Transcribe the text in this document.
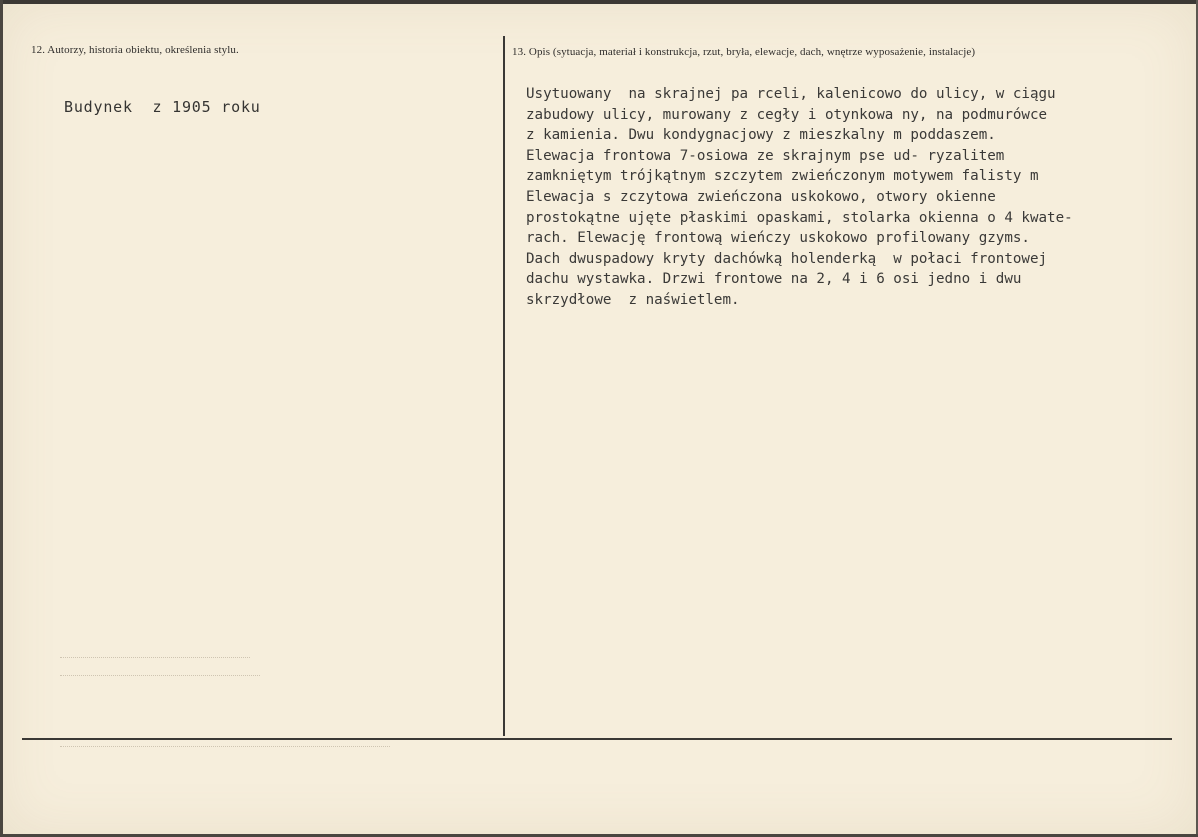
12. Autorzy, historia obiektu, określenia stylu.
Budynek  z 1905 roku
13. Opis (sytuacja, materiał i konstrukcja, rzut, bryła, elewacje, dach, wnętrze wyposażenie, instalacje)
Usytuowany  na skrajnej pa rceli, kalenicowo do ulicy, w ciągu
zabudowy ulicy, murowany z cegły i otynkowa ny, na podmurówce
z kamienia. Dwu kondygnacjowy z mieszkalny m poddaszem.
Elewacja frontowa 7-osiowa ze skrajnym pse ud- ryzalitem
zamkniętym trójkątnym szczytem zwieńczonym motywem falisty m
Elewacja s zczytowa zwieńczona uskokowo, otwory okienne
prostokątne ujęte płaskimi opaskami, stolarka okienna o 4 kwate-
rach. Elewację frontową wieńczy uskokowo profilowany gzyms.
Dach dwuspadowy kryty dachówką holenderką  w połaci frontowej
dachu wystawka. Drzwi frontowe na 2, 4 i 6 osi jedno i dwu
skrzydłowe  z naświetlem.
